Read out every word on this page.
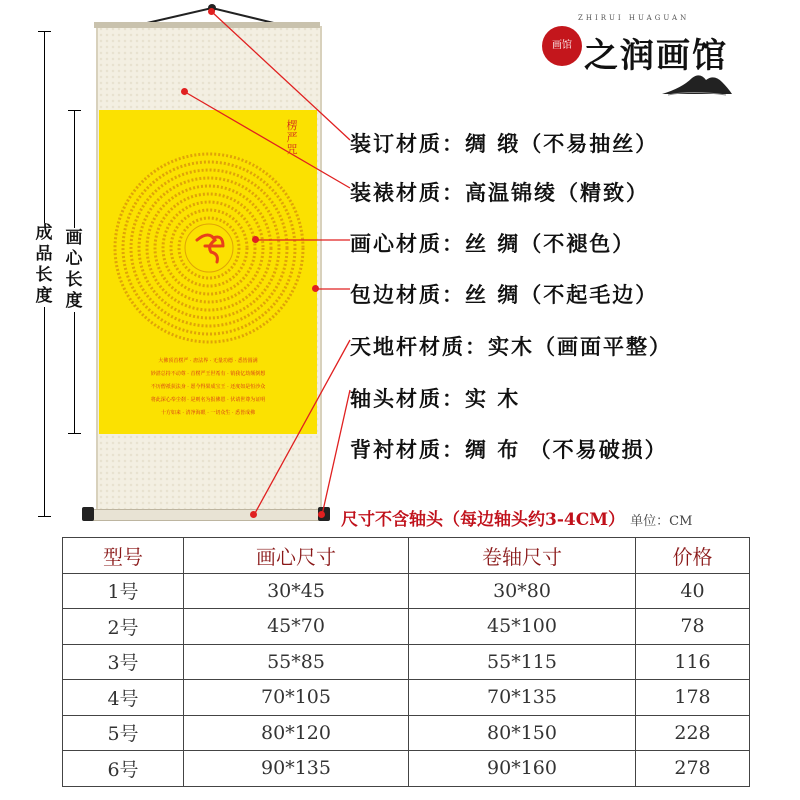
成品长度
画心长度
楞严咒
大佛顶首楞严 · 唐法界 · 无量功德 · 悉皆圆满
妙湛总持不动尊 · 首楞严王世希有 · 销我亿劫颠倒想
不历僧祇获法身 · 愿今得果成宝王 · 还度如是恒沙众
将此深心奉尘刹 · 是则名为报佛恩 · 伏请世尊为证明
十方如来 · 清净海眼 · 一切众生 · 悉皆成佛
画馆
ZHIRUI HUAGUAN
之润画馆
装订材质：绸 缎（不易抽丝）
装裱材质：高温锦绫（精致）
画心材质：丝 绸（不褪色）
包边材质：丝 绸（不起毛边）
天地杆材质：实木（画面平整）
轴头材质：实 木
背衬材质：绸 布 （不易破损）
尺寸不含轴头（每边轴头约3-4CM） 单位：CM
型号	画心尺寸	卷轴尺寸	价格
1号	30*45	30*80	40
2号	45*70	45*100	78
3号	55*85	55*115	116
4号	70*105	70*135	178
5号	80*120	80*150	228
6号	90*135	90*160	278
